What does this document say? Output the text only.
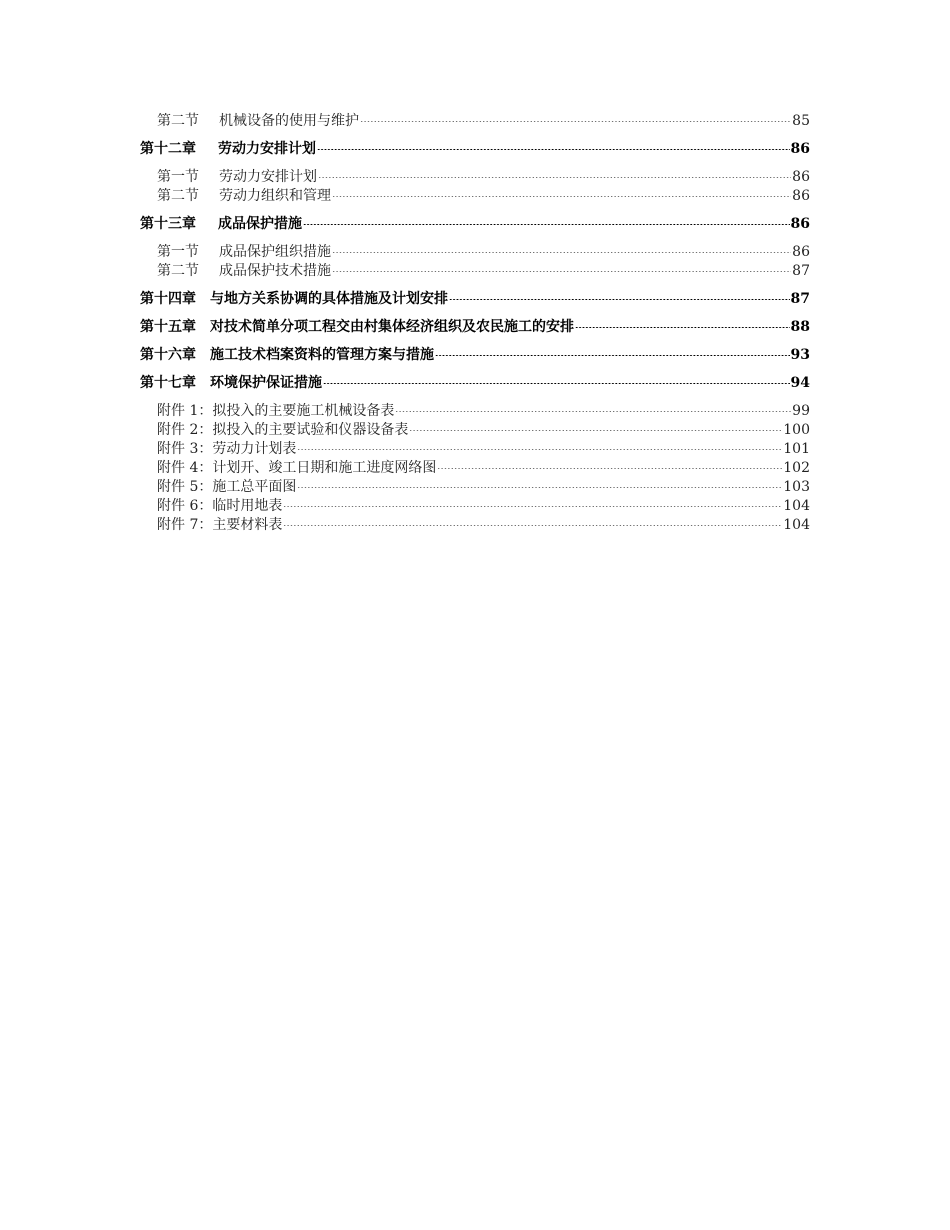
第二节 机械设备的使用与维护	85
第十二章 劳动力安排计划	86
第一节 劳动力安排计划	86
第二节 劳动力组织和管理	86
第十三章 成品保护措施	86
第一节 成品保护组织措施	86
第二节 成品保护技术措施	87
第十四章 与地方关系协调的具体措施及计划安排	87
第十五章 对技术简单分项工程交由村集体经济组织及农民施工的安排	88
第十六章 施工技术档案资料的管理方案与措施	93
第十七章 环境保护保证措施	94
附件 1：拟投入的主要施工机械设备表	99
附件 2：拟投入的主要试验和仪器设备表	100
附件 3：劳动力计划表	101
附件 4：计划开、竣工日期和施工进度网络图	102
附件 5：施工总平面图	103
附件 6：临时用地表	104
附件 7：主要材料表	104
